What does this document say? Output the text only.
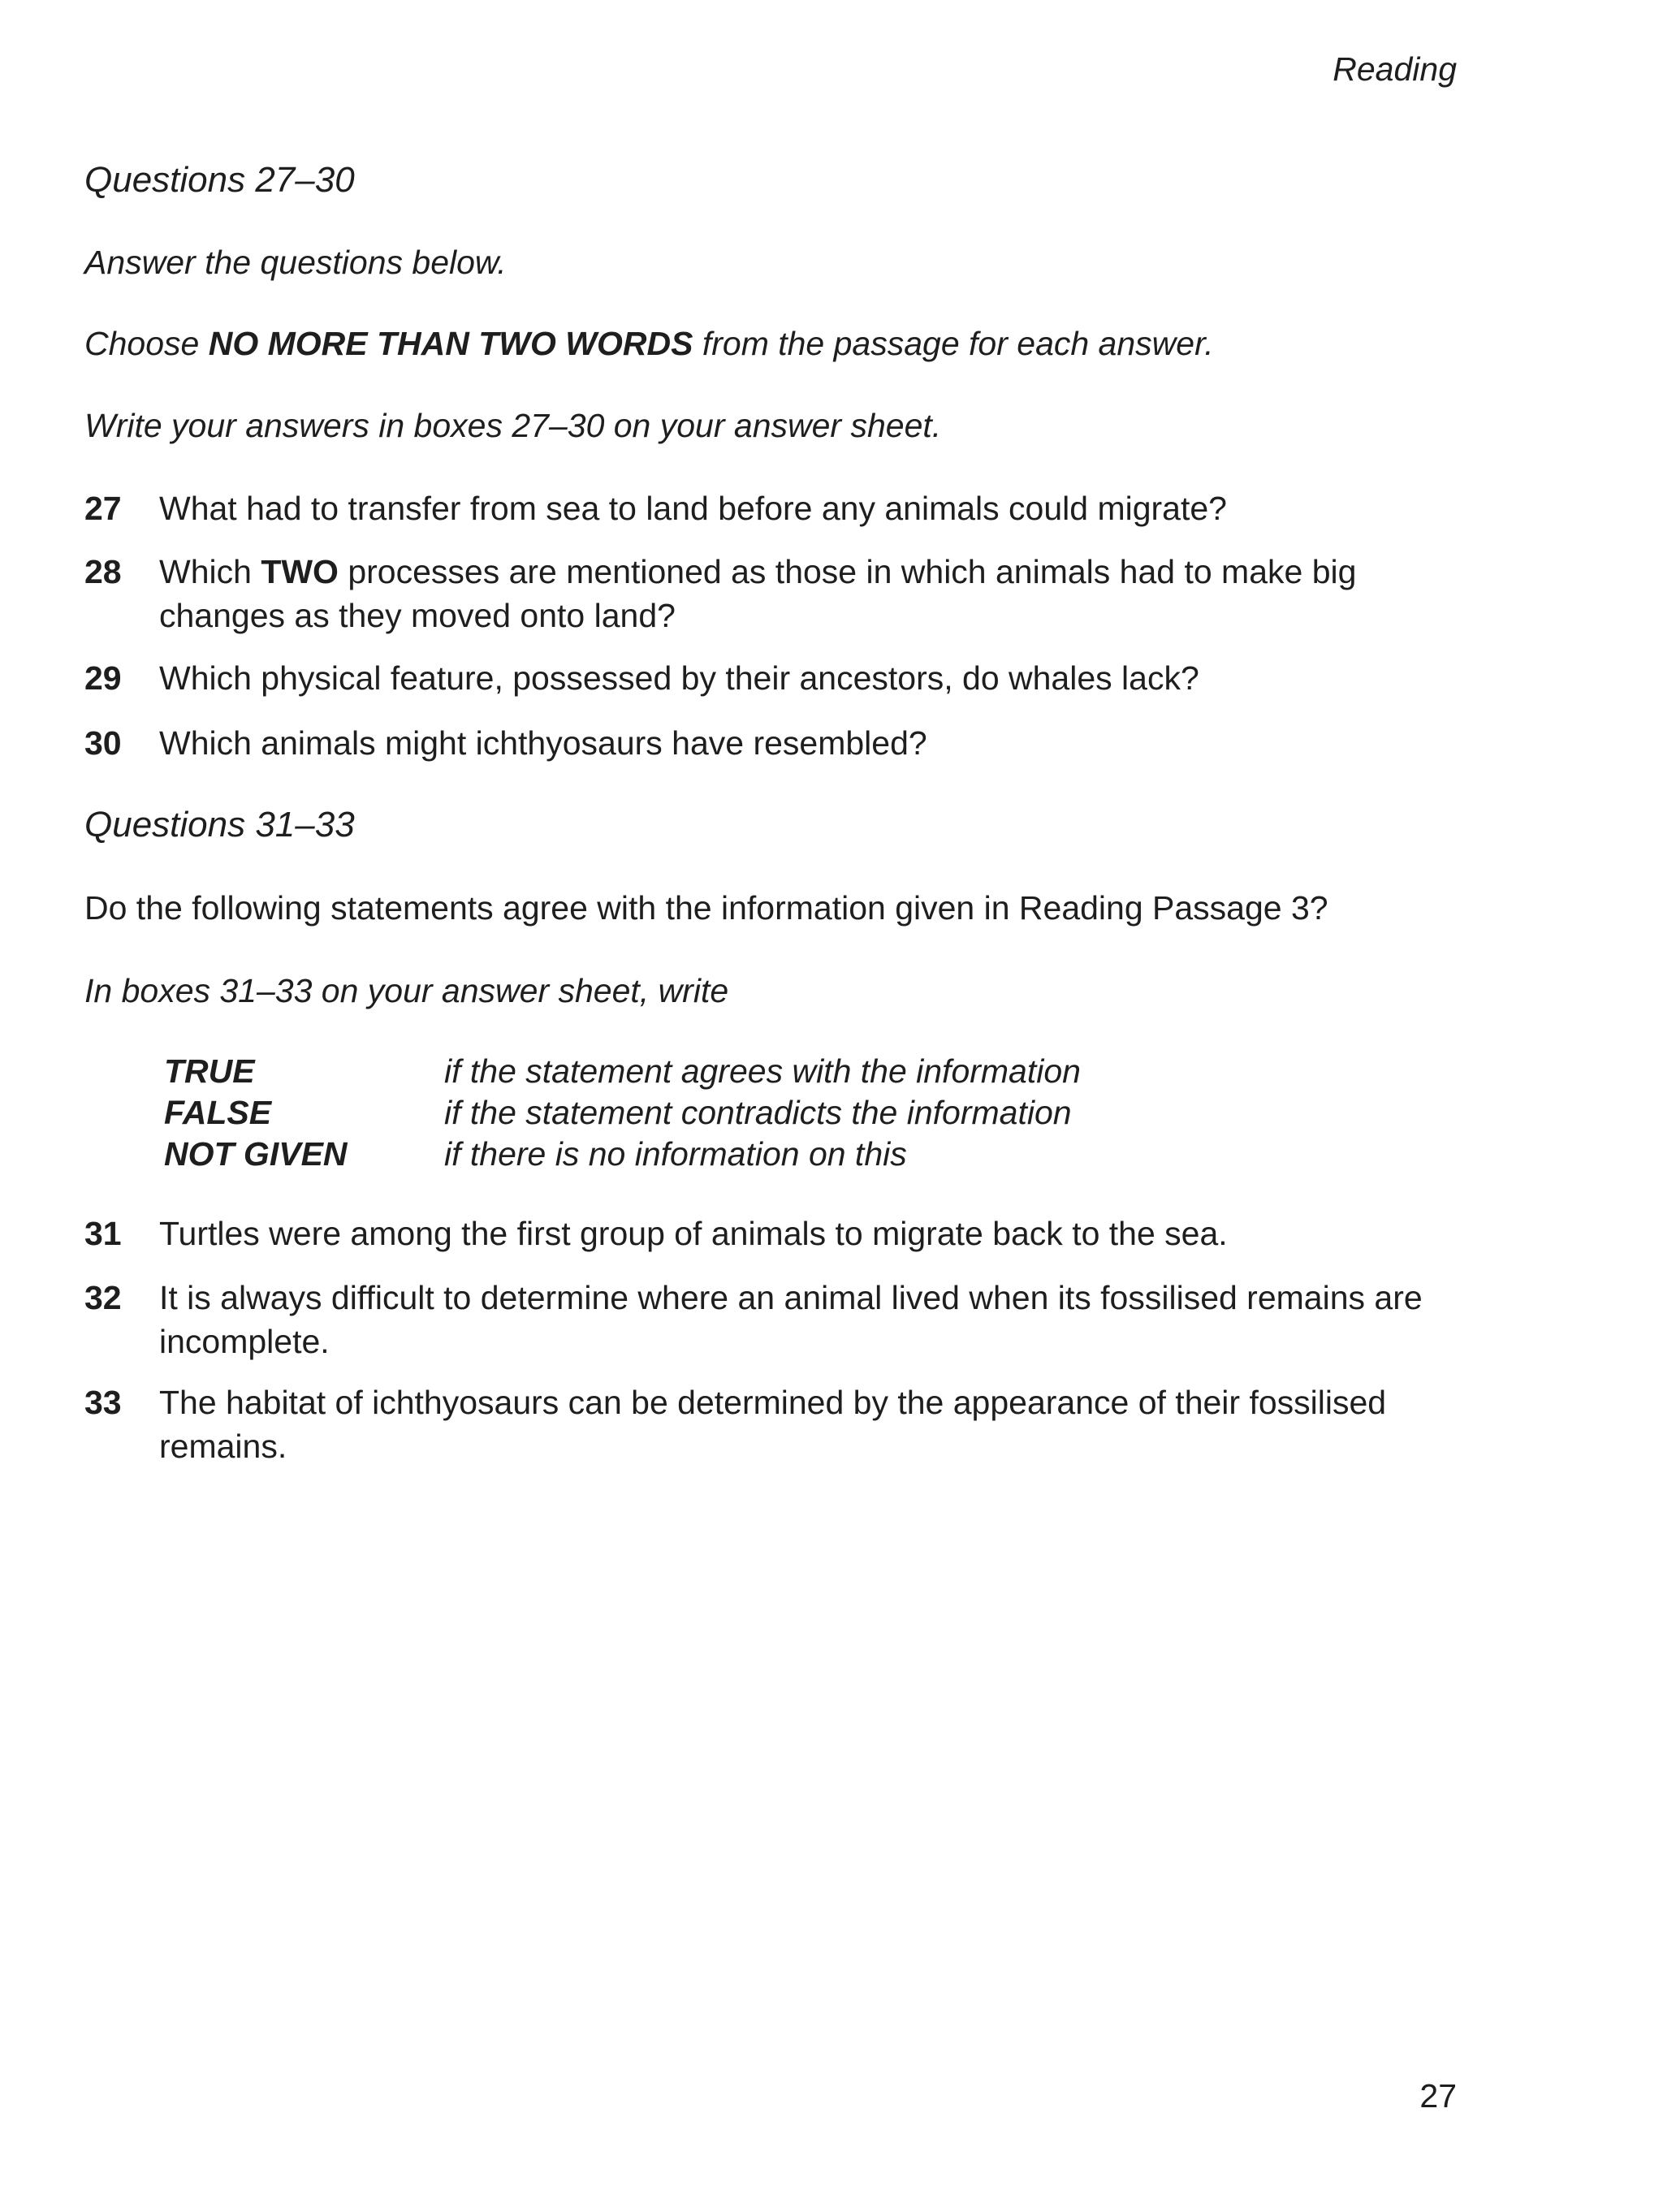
Reading
Questions 27–30
Answer the questions below.
Choose NO MORE THAN TWO WORDS from the passage for each answer.
Write your answers in boxes 27–30 on your answer sheet.
27	What had to transfer from sea to land before any animals could migrate?
28	Which TWO processes are mentioned as those in which animals had to make big changes as they moved onto land?
29	Which physical feature, possessed by their ancestors, do whales lack?
30	Which animals might ichthyosaurs have resembled?
Questions 31–33
Do the following statements agree with the information given in Reading Passage 3?
In boxes 31–33 on your answer sheet, write
TRUE	if the statement agrees with the information
FALSE	if the statement contradicts the information
NOT GIVEN	if there is no information on this
31	Turtles were among the first group of animals to migrate back to the sea.
32	It is always difficult to determine where an animal lived when its fossilised remains are incomplete.
33	The habitat of ichthyosaurs can be determined by the appearance of their fossilised remains.
27
